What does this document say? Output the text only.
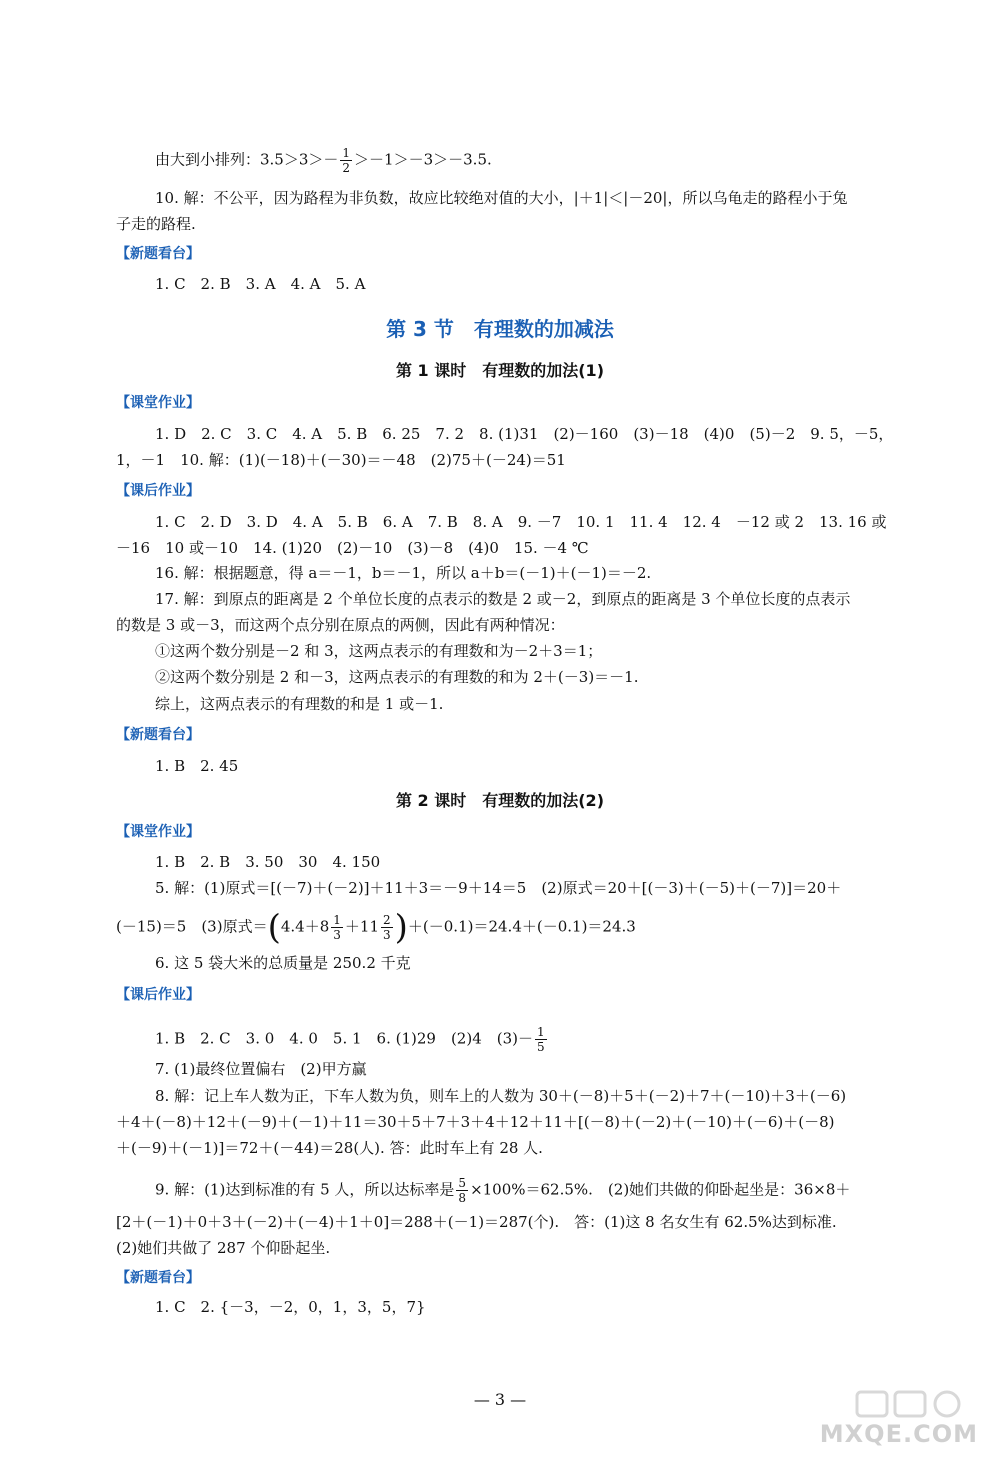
由大到小排列：$3.5>3>- \frac{1}{2} >-1>-3>-3.5$.
10. 解：不公平，因为路程为非负数，故应比较绝对值的大小，|＋1|＜|－20|，所以乌龟走的路程小于兔
子走的路程.
【新题看台】
1. C　2. B　3. A　4. A　5. A
第 3 节　有理数的加减法
第 1 课时　有理数的加法(1)
【课堂作业】
1. D　2. C　3. C　4. A　5. B　6. 25　7. 2　8. (1)31　(2)－160　(3)－18　(4)0　(5)－2　9. 5，－5，
1，－1　10. 解：(1)(－18)＋(－30)＝－48　(2)75＋(－24)＝51
【课后作业】
1. C　2. D　3. D　4. A　5. B　6. A　7. B　8. A　9. －7　10. 1　11. 4　12. 4　－12 或 2　13. 16 或
－16　10 或－10　14. (1)20　(2)－10　(3)－8　(4)0　15. －4 ℃
16. 解：根据题意，得 a＝－1，b＝－1，所以 a＋b＝(－1)＋(－1)＝－2.
17. 解：到原点的距离是 2 个单位长度的点表示的数是 2 或－2，到原点的距离是 3 个单位长度的点表示
的数是 3 或－3，而这两个点分别在原点的两侧，因此有两种情况：
①这两个数分别是－2 和 3，这两点表示的有理数和为－2＋3＝1；
②这两个数分别是 2 和－3，这两点表示的有理数的和为 2＋(－3)＝－1.
综上，这两点表示的有理数的和是 1 或－1.
【新题看台】
1. B　2. 45
第 2 课时　有理数的加法(2)
【课堂作业】
1. B　2. B　3. 50　30　4. 150
5. 解：(1)原式＝[(－7)＋(－2)]＋11＋3＝－9＋14＝5　(2)原式＝20＋[(－3)＋(－5)＋(－7)]＝20＋
(－15)＝5　(3)原式$=(4.4+8 \frac{1}{3} +11 \frac{2}{3} )+(-0.1)=24.4+(-0.1)=24.3$
6. 这 5 袋大米的总质量是 250.2 千克
【课后作业】
1. B　2. C　3. 0　4. 0　5. 1　6. (1)29　(2)4　$(3)- \frac{1}{5}$
7. (1)最终位置偏右　(2)甲方赢
8. 解：记上车人数为正，下车人数为负，则车上的人数为 30＋(－8)＋5＋(－2)＋7＋(－10)＋3＋(－6)
＋4＋(－8)＋12＋(－9)＋(－1)＋11＝30＋5＋7＋3＋4＋12＋11＋[(－8)＋(－2)＋(－10)＋(－6)＋(－8)
＋(－9)＋(－1)]＝72＋(－44)＝28(人). 答：此时车上有 28 人.
9. 解：(1)达到标准的有 5 人，所以达标率是 $\frac{5}{8} \times 100\%=62.5\%$.　(2)她们共做的仰卧起坐是：36×8＋
[2＋(－1)＋0＋3＋(－2)＋(－4)＋1＋0]＝288＋(－1)＝287(个).　答：(1)这 8 名女生有 62.5%达到标准.
(2)她们共做了 287 个仰卧起坐.
【新题看台】
1. C　2. {－3，－2，0，1，3，5，7}
— 3 —
MXQE.COM
